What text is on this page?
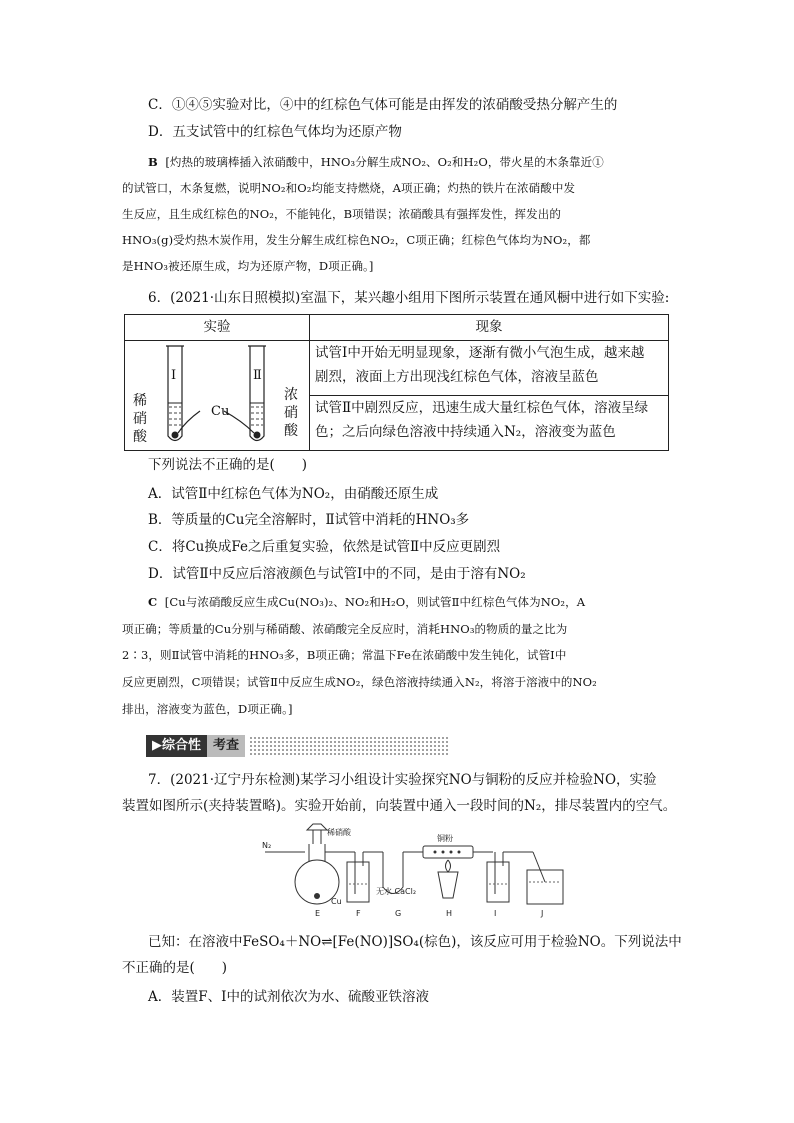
C．①④⑤实验对比，④中的红棕色气体可能是由挥发的浓硝酸受热分解产生的
D．五支试管中的红棕色气体均为还原产物
B [灼热的玻璃棒插入浓硝酸中，HNO₃分解生成NO₂、O₂和H₂O，带火星的木条靠近①
的试管口，木条复燃，说明NO₂和O₂均能支持燃烧，A项正确；灼热的铁片在浓硝酸中发
生反应，且生成红棕色的NO₂，不能钝化，B项错误；浓硝酸具有强挥发性，挥发出的
HNO₃(g)受灼热木炭作用，发生分解生成红棕色NO₂，C项正确；红棕色气体均为NO₂，都
是HNO₃被还原生成，均为还原产物，D项正确。]
6．(2021·山东日照模拟)室温下，某兴趣小组用下图所示装置在通风橱中进行如下实验:
实验	现象

	试管Ⅰ中开始无明显现象，逐渐有微小气泡生成，越来越
剧烈，液面上方出现浅红棕色气体，溶液呈蓝色

	试管Ⅱ中剧烈反应，迅速生成大量红棕色气体，溶液呈绿
色；之后向绿色溶液中持续通入N₂，溶液变为蓝色
Ⅰ	Ⅱ
Cu
稀
硝
酸
浓
硝
酸
下列说法不正确的是(　　)
A．试管Ⅱ中红棕色气体为NO₂，由硝酸还原生成
B．等质量的Cu完全溶解时，Ⅱ试管中消耗的HNO₃多
C．将Cu换成Fe之后重复实验，依然是试管Ⅱ中反应更剧烈
D．试管Ⅱ中反应后溶液颜色与试管Ⅰ中的不同，是由于溶有NO₂
C [Cu与浓硝酸反应生成Cu(NO₃)₂、NO₂和H₂O，则试管Ⅱ中红棕色气体为NO₂，A
项正确；等质量的Cu分别与稀硝酸、浓硝酸完全反应时，消耗HNO₃的物质的量之比为
2∶3，则Ⅱ试管中消耗的HNO₃多，B项正确；常温下Fe在浓硝酸中发生钝化，试管Ⅰ中
反应更剧烈，C项错误；试管Ⅱ中反应生成NO₂，绿色溶液持续通入N₂，将溶于溶液中的NO₂
排出，溶液变为蓝色，D项正确。]
▶综合性 考查
7．(2021·辽宁丹东检测)某学习小组设计实验探究NO与铜粉的反应并检验NO，实验
装置如图所示(夹持装置略)。实验开始前，向装置中通入一段时间的N₂，排尽装置内的空气。
N₂
稀硝酸
铜粉
Cu
无水 CaCl₂
E	F	G	H	I	J
已知：在溶液中FeSO₄＋NO⇌[Fe(NO)]SO₄(棕色)，该反应可用于检验NO。下列说法中
不正确的是(　　)
A．装置F、I中的试剂依次为水、硫酸亚铁溶液
